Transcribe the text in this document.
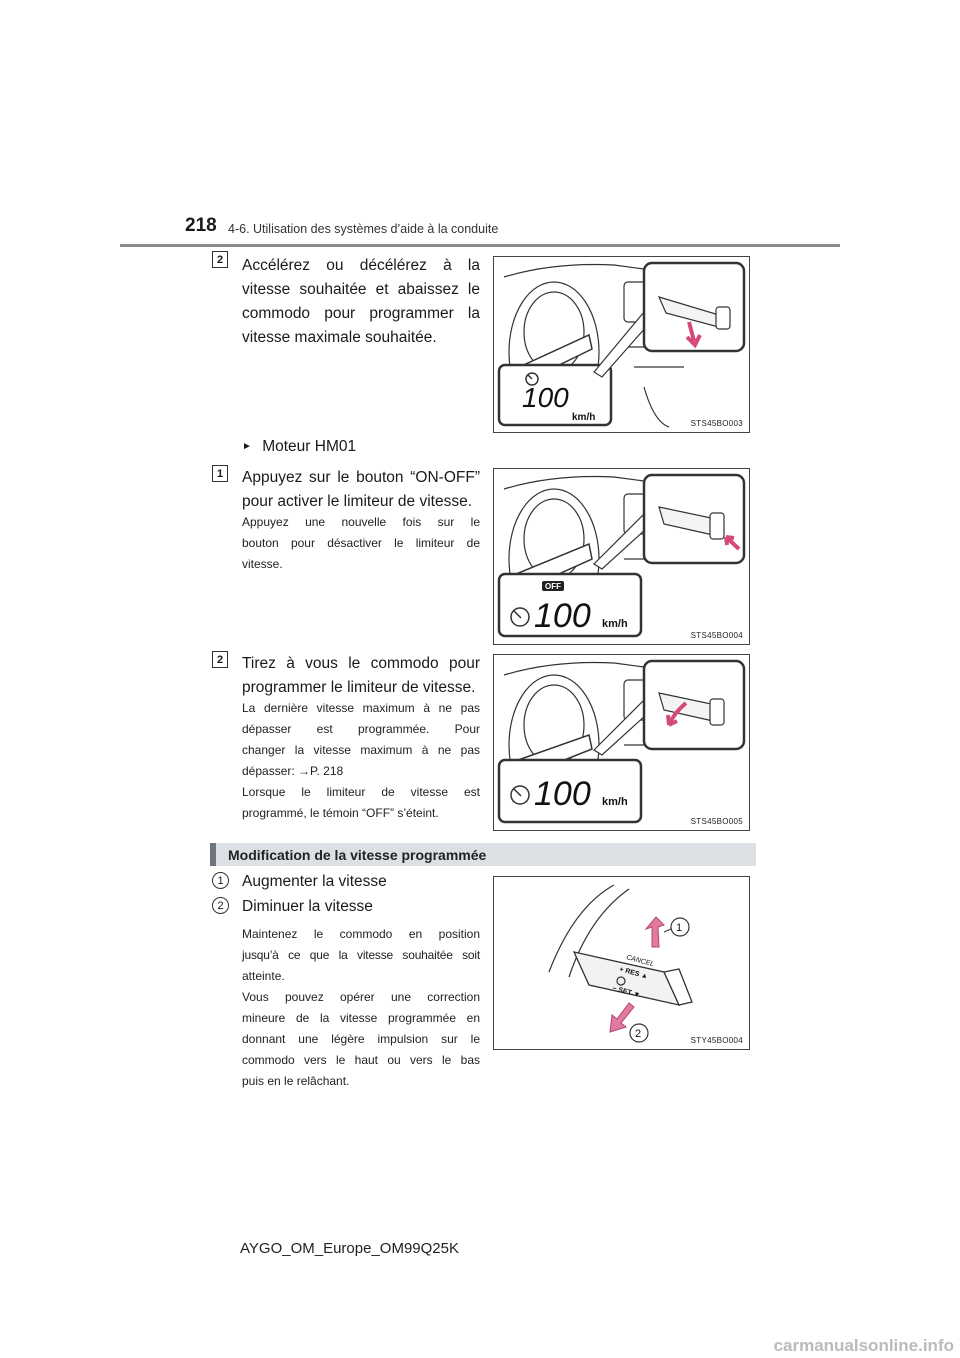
218 4-6. Utilisation des systèmes d’aide à la conduite
2	Accélérez ou décélérez à la
vitesse souhaitée et abaissez le
commodo pour programmer la
vitesse maximale souhaitée.
100
km/h
STS45BO003
► Moteur HM01
1	Appuyez sur le bouton “ON-OFF”
pour activer le limiteur de vitesse.
Appuyez une nouvelle fois sur le
bouton pour désactiver le limiteur de
vitesse.
OFF
100 km/h
STS45BO004
2	Tirez à vous le commodo pour
programmer le limiteur de vitesse.
La dernière vitesse maximum à ne pas
dépasser est programmée. Pour
changer la vitesse maximum à ne pas
dépasser: →P. 218
Lorsque le limiteur de vitesse est
programmé, le témoin “OFF” s’éteint.	100 km/h
STS45BO005
Modification de la vitesse programmée
1	Augmenter la vitesse
2	Diminuer la vitesse
Maintenez le commodo en position
jusqu’à ce que la vitesse souhaitée soit
atteinte.
Vous pouvez opérer une correction
mineure de la vitesse programmée en
donnant une légère impulsion sur le
commodo vers le haut ou vers le bas
puis en le relâchant.
CANCEL
+ RES ▲
− SET ▼
1
2
STY45BO004
AYGO_OM_Europe_OM99Q25K
carmanualsonline.info
